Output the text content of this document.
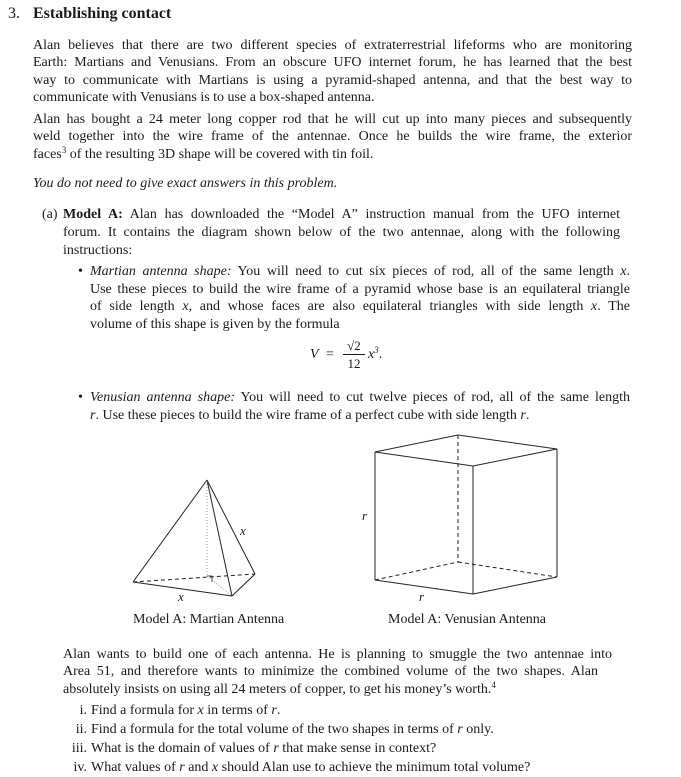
3. Establishing contact
Alan believes that there are two different species of extraterrestrial lifeforms who are monitoring
Earth: Martians and Venusians. From an obscure UFO internet forum, he has learned that the best
way to communicate with Martians is using a pyramid-shaped antenna, and that the best way to
communicate with Venusians is to use a box-shaped antenna.
Alan has bought a 24 meter long copper rod that he will cut up into many pieces and subsequently
weld together into the wire frame of the antennae. Once he builds the wire frame, the exterior
faces$^3$ of the resulting 3D shape will be covered with tin foil.
You do not need to give exact answers in this problem.
Model A: Alan has downloaded the “Model A” instruction manual from the UFO internet
forum. It contains the diagram shown below of the two antennae, along with the following
instructions:
Martian antenna shape: You will need to cut six pieces of rod, all of the same length x.
Use these pieces to build the wire frame of a pyramid whose base is an equilateral triangle
of side length x, and whose faces are also equilateral triangles with side length x. The
volume of this shape is given by the formula
Venusian antenna shape: You will need to cut twelve pieces of rod, all of the same length
r. Use these pieces to build the wire frame of a perfect cube with side length r.
Alan wants to build one of each antenna. He is planning to smuggle the two antennae into
Area 51, and therefore wants to minimize the combined volume of the two shapes. Alan
absolutely insists on using all 24 meters of copper, to get his money’s worth.$^4$
Find a formula for x in terms of r.
Find a formula for the total volume of the two shapes in terms of r only.
What is the domain of values of r that make sense in context?
What values of r and x should Alan use to achieve the minimum total volume?
(a)
•
•
i.
ii.
iii.
iv.
$V = \frac{√2}{12} x^3$.
x
x
r
r
Model A: Martian Antenna	Model A: Venusian Antenna
